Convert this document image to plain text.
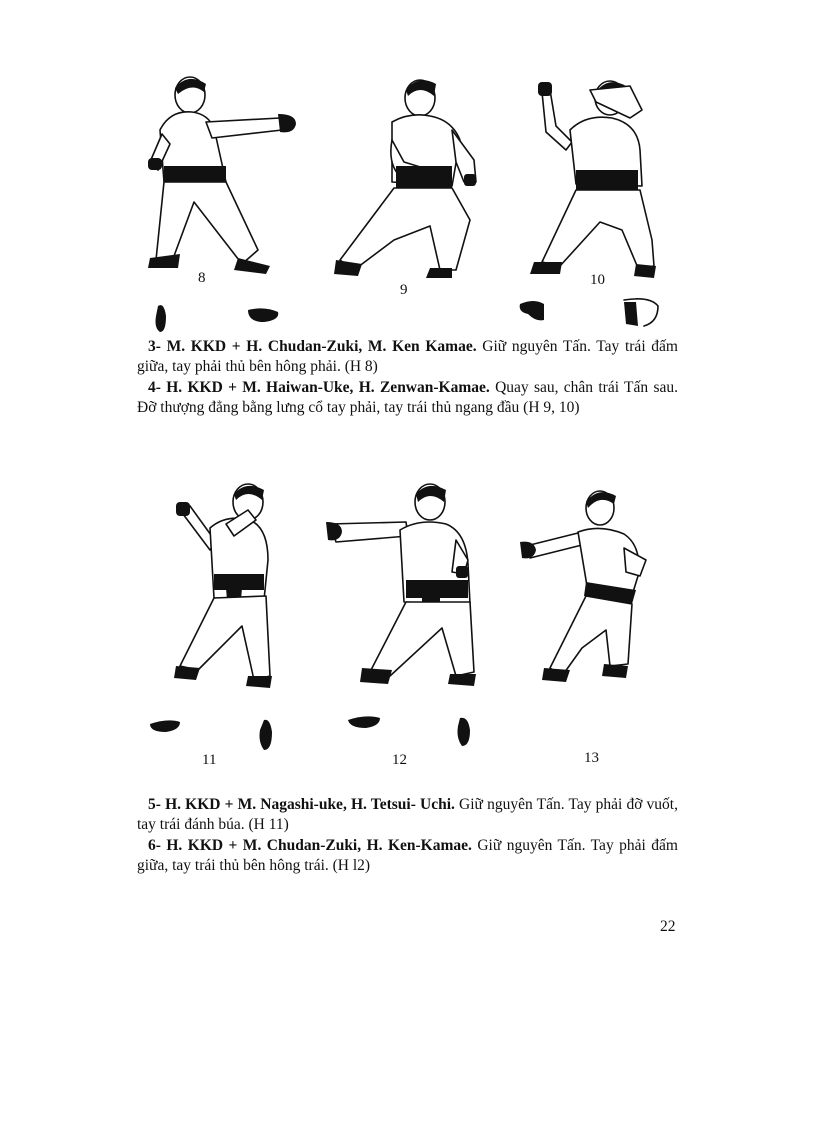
8
9
10

3- M. KKD + H. Chudan-Zuki, M. Ken Kamae. Giữ nguyên Tấn. Tay trái đấm giữa, tay phải thủ bên hông phải. (H 8)

4- H. KKD + M. Haiwan-Uke, H. Zenwan-Kamae. Quay sau, chân trái Tấn sau. Đỡ thượng đẳng bằng lưng cổ tay phải, tay trái thủ ngang đầu (H 9, 10)

11	12	13

5- H. KKD + M. Nagashi-uke, H. Tetsui- Uchi. Giữ nguyên Tấn. Tay phải đỡ vuốt, tay trái đánh búa. (H 11)

6- H. KKD + M. Chudan-Zuki, H. Ken-Kamae. Giữ nguyên Tấn. Tay phải đấm giữa, tay trái thủ bên hông trái. (H l2)

22
